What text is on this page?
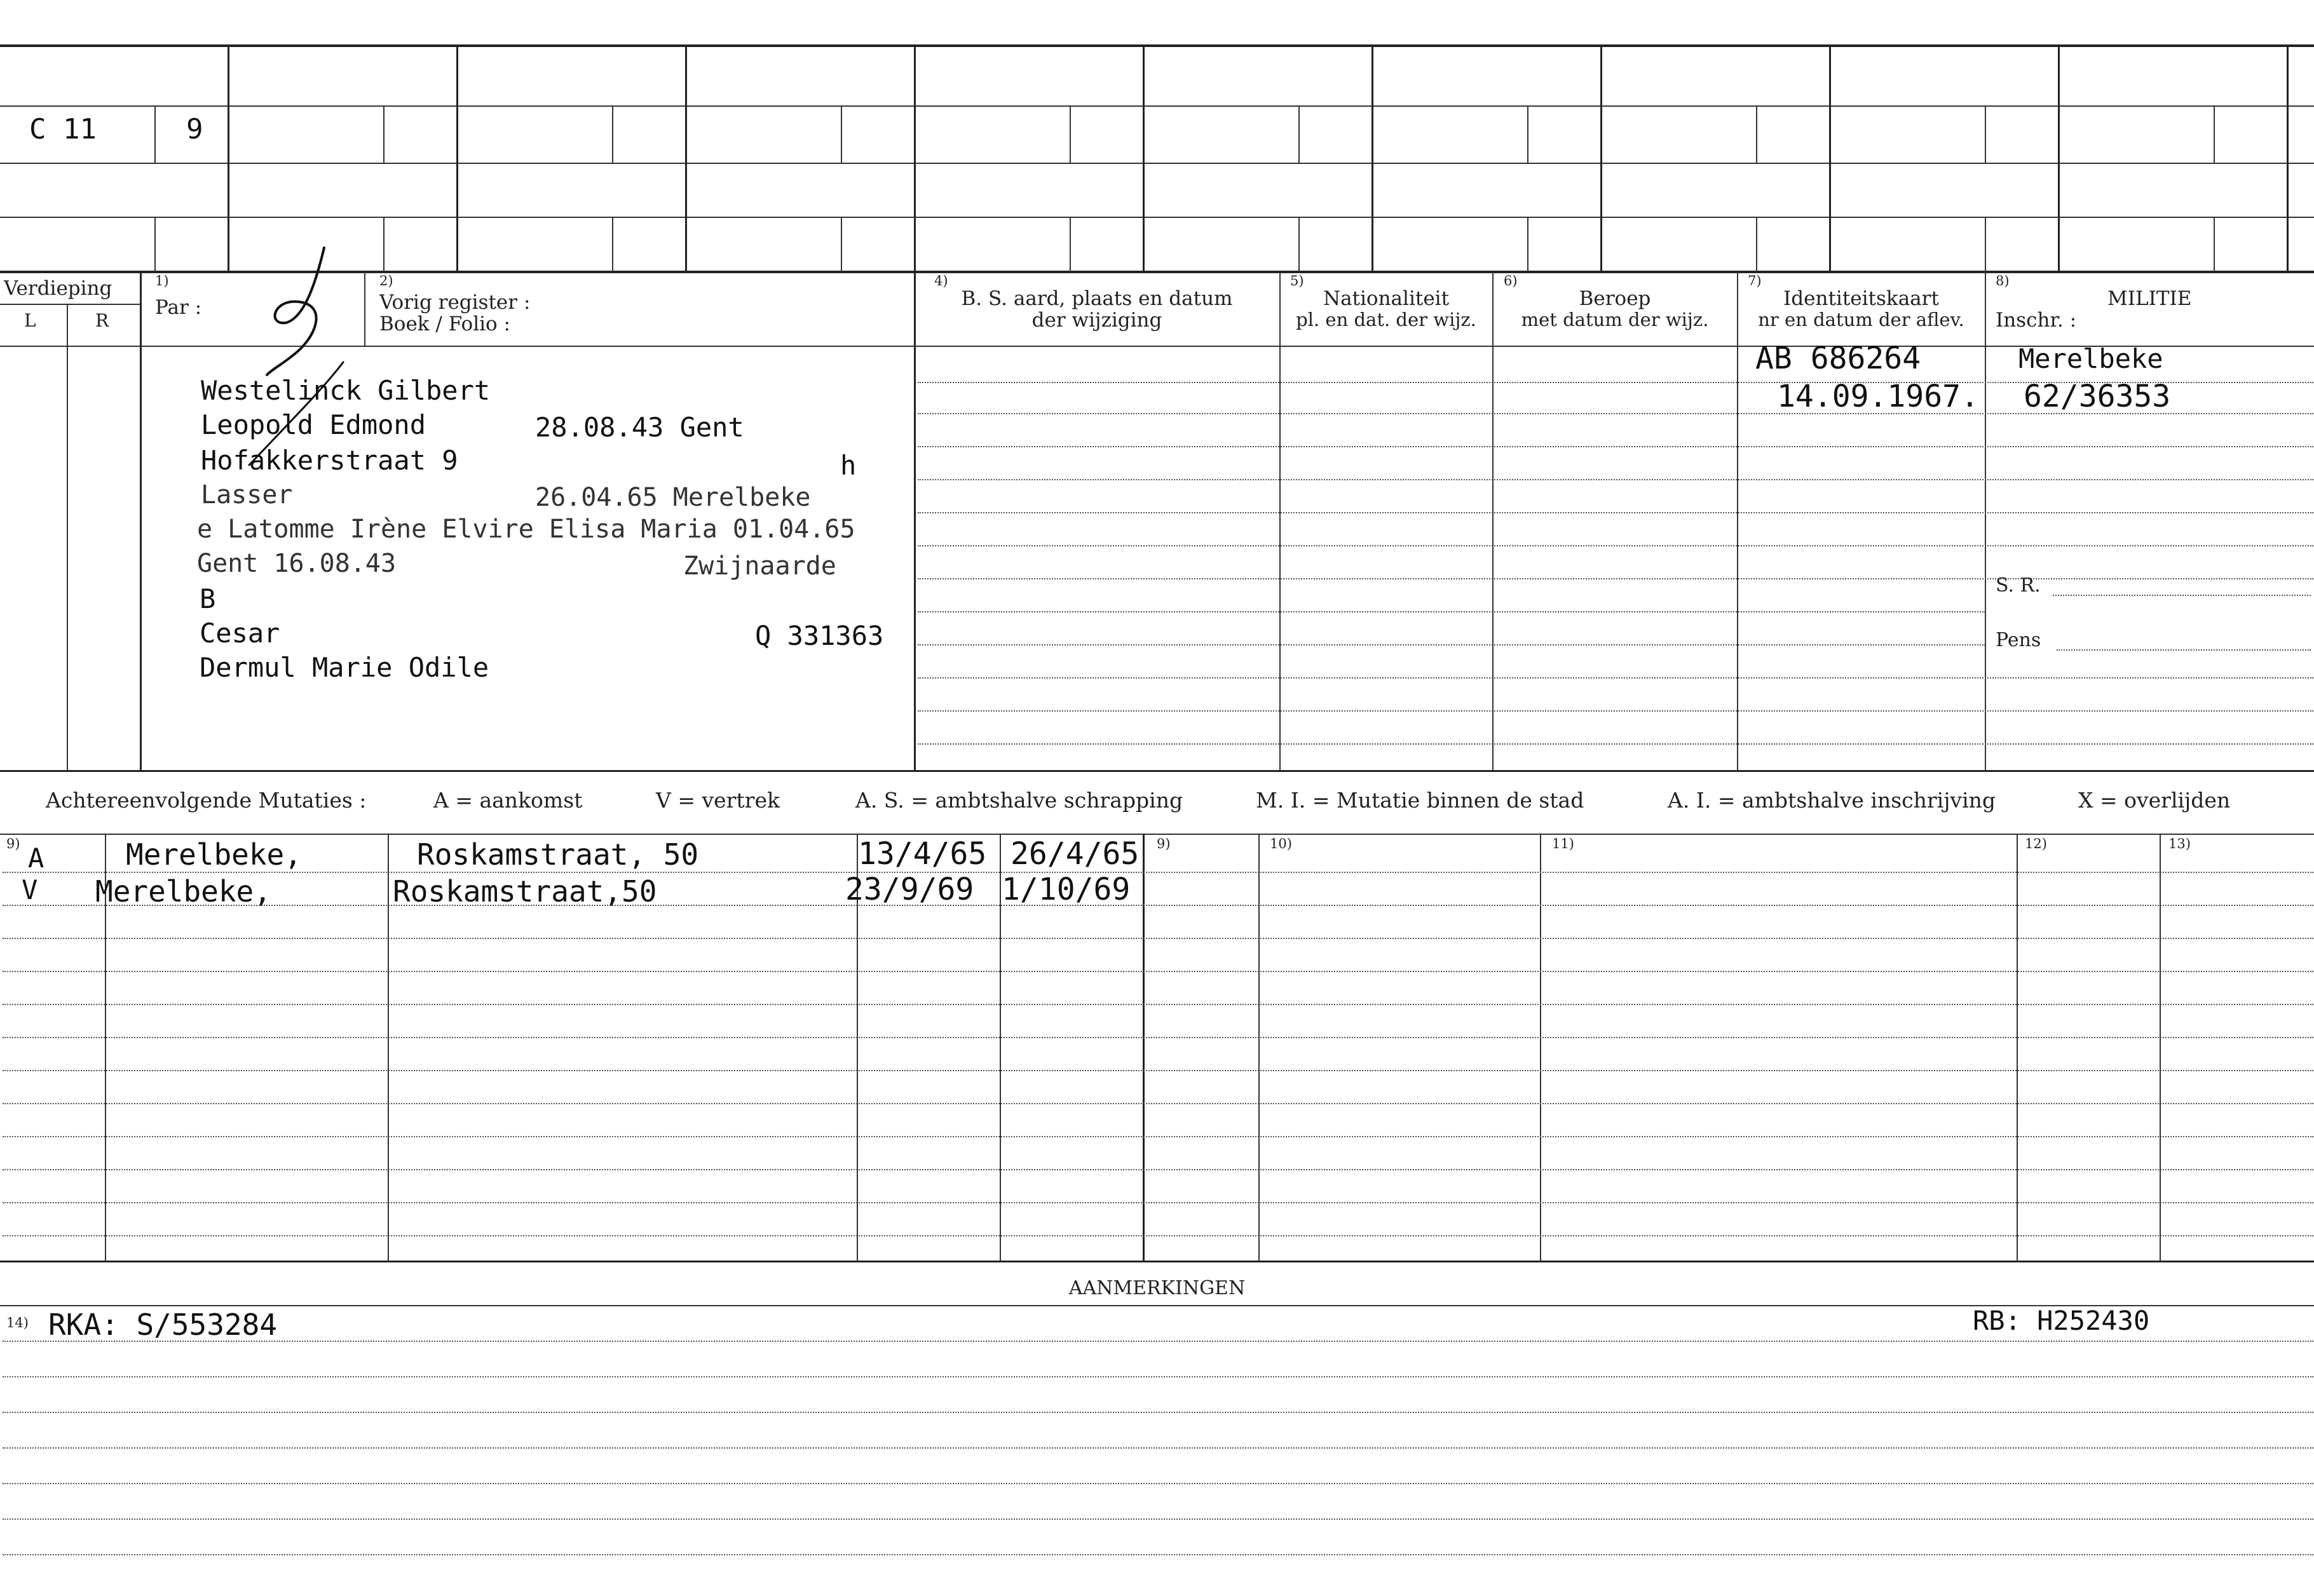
C 11	9
Verdieping
L	R
1)
Par :
2)
Vorig register :
Boek / Folio :
4)
B. S. aard, plaats en datum
der wijziging
5)
Nationaliteit
pl. en dat. der wijz.
6)
Beroep
met datum der wijz.
7)
Identiteitskaart
nr en datum der aflev.
8)
MILITIE
Inschr. :
S. R.
Pens
Westelinck Gilbert
Leopold Edmond	28.08.43 Gent
Hofakkerstraat 9	h
Lasser	26.04.65 Merelbeke
e Latomme Irène Elvire Elisa Maria 01.04.65
Gent 16.08.43	Zwijnaarde
B
Cesar	Q 331363
Dermul Marie Odile
AB 686264
14.09.1967.
Merelbeke
62/36353
Achtereenvolgende Mutaties :	A = aankomst	V = vertrek	A. S. = ambtshalve schrapping	M. I. = Mutatie binnen de stad	A. I. = ambtshalve inschrijving	X = overlijden
9)	9)	10)	11)	12)	13)
A	Merelbeke,	Roskamstraat, 50	13/4/65 26/4/65
V Merelbeke,	Roskamstraat,50	23/9/69 1/10/69
AANMERKINGEN
14) RKA: S/553284	RB: H252430
